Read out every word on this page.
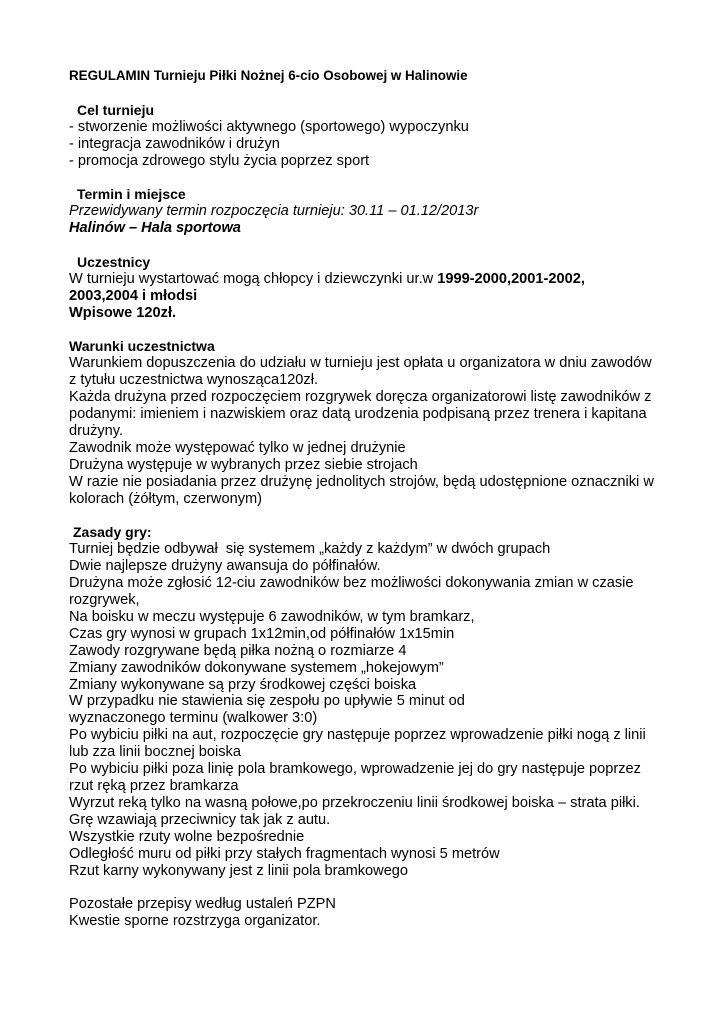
REGULAMIN Turnieju Piłki Nożnej 6-cio Osobowej w Halinowie
Cel turnieju
- stworzenie możliwości aktywnego (sportowego) wypoczynku
- integracja zawodników i drużyn
- promocja zdrowego stylu życia poprzez sport
Termin i miejsce
Przewidywany termin rozpoczęcia turnieju: 30.11 – 01.12/2013r
Halinów – Hala sportowa
Uczestnicy
W turnieju wystartować mogą chłopcy i dziewczynki ur.w 1999-2000,2001-2002,
2003,2004 i młodsi
Wpisowe 120zł.
Warunki uczestnictwa
Warunkiem dopuszczenia do udziału w turnieju jest opłata u organizatora w dniu zawodów
z tytułu uczestnictwa wynosząca120zł.
Każda drużyna przed rozpoczęciem rozgrywek doręcza organizatorowi listę zawodników z
podanymi: imieniem i nazwiskiem oraz datą urodzenia podpisaną przez trenera i kapitana
drużyny.
Zawodnik może występować tylko w jednej drużynie
Drużyna występuje w wybranych przez siebie strojach
W razie nie posiadania przez drużynę jednolitych strojów, będą udostępnione oznaczniki w
kolorach (żółtym, czerwonym)
Zasady gry:
Turniej będzie odbywał  się systemem „każdy z każdym” w dwóch grupach
Dwie najlepsze drużyny awansuja do półfinałów.
Drużyna może zgłosić 12-ciu zawodników bez możliwości dokonywania zmian w czasie
rozgrywek,
Na boisku w meczu występuje 6 zawodników, w tym bramkarz,
Czas gry wynosi w grupach 1x12min,od półfinałów 1x15min
Zawody rozgrywane będą piłka nożną o rozmiarze 4
Zmiany zawodników dokonywane systemem „hokejowym”
Zmiany wykonywane są przy środkowej części boiska
W przypadku nie stawienia się zespołu po upływie 5 minut od
wyznaczonego terminu (walkower 3:0)
Po wybiciu piłki na aut, rozpoczęcie gry następuje poprzez wprowadzenie piłki nogą z linii
lub zza linii bocznej boiska
Po wybiciu piłki poza linię pola bramkowego, wprowadzenie jej do gry następuje poprzez
rzut ręką przez bramkarza
Wyrzut reką tylko na wasną połowe,po przekroczeniu linii środkowej boiska – strata piłki.
Grę wzawiają przeciwnicy tak jak z autu.
Wszystkie rzuty wolne bezpośrednie
Odległość muru od piłki przy stałych fragmentach wynosi 5 metrów
Rzut karny wykonywany jest z linii pola bramkowego
Pozostałe przepisy według ustaleń PZPN
Kwestie sporne rozstrzyga organizator.
